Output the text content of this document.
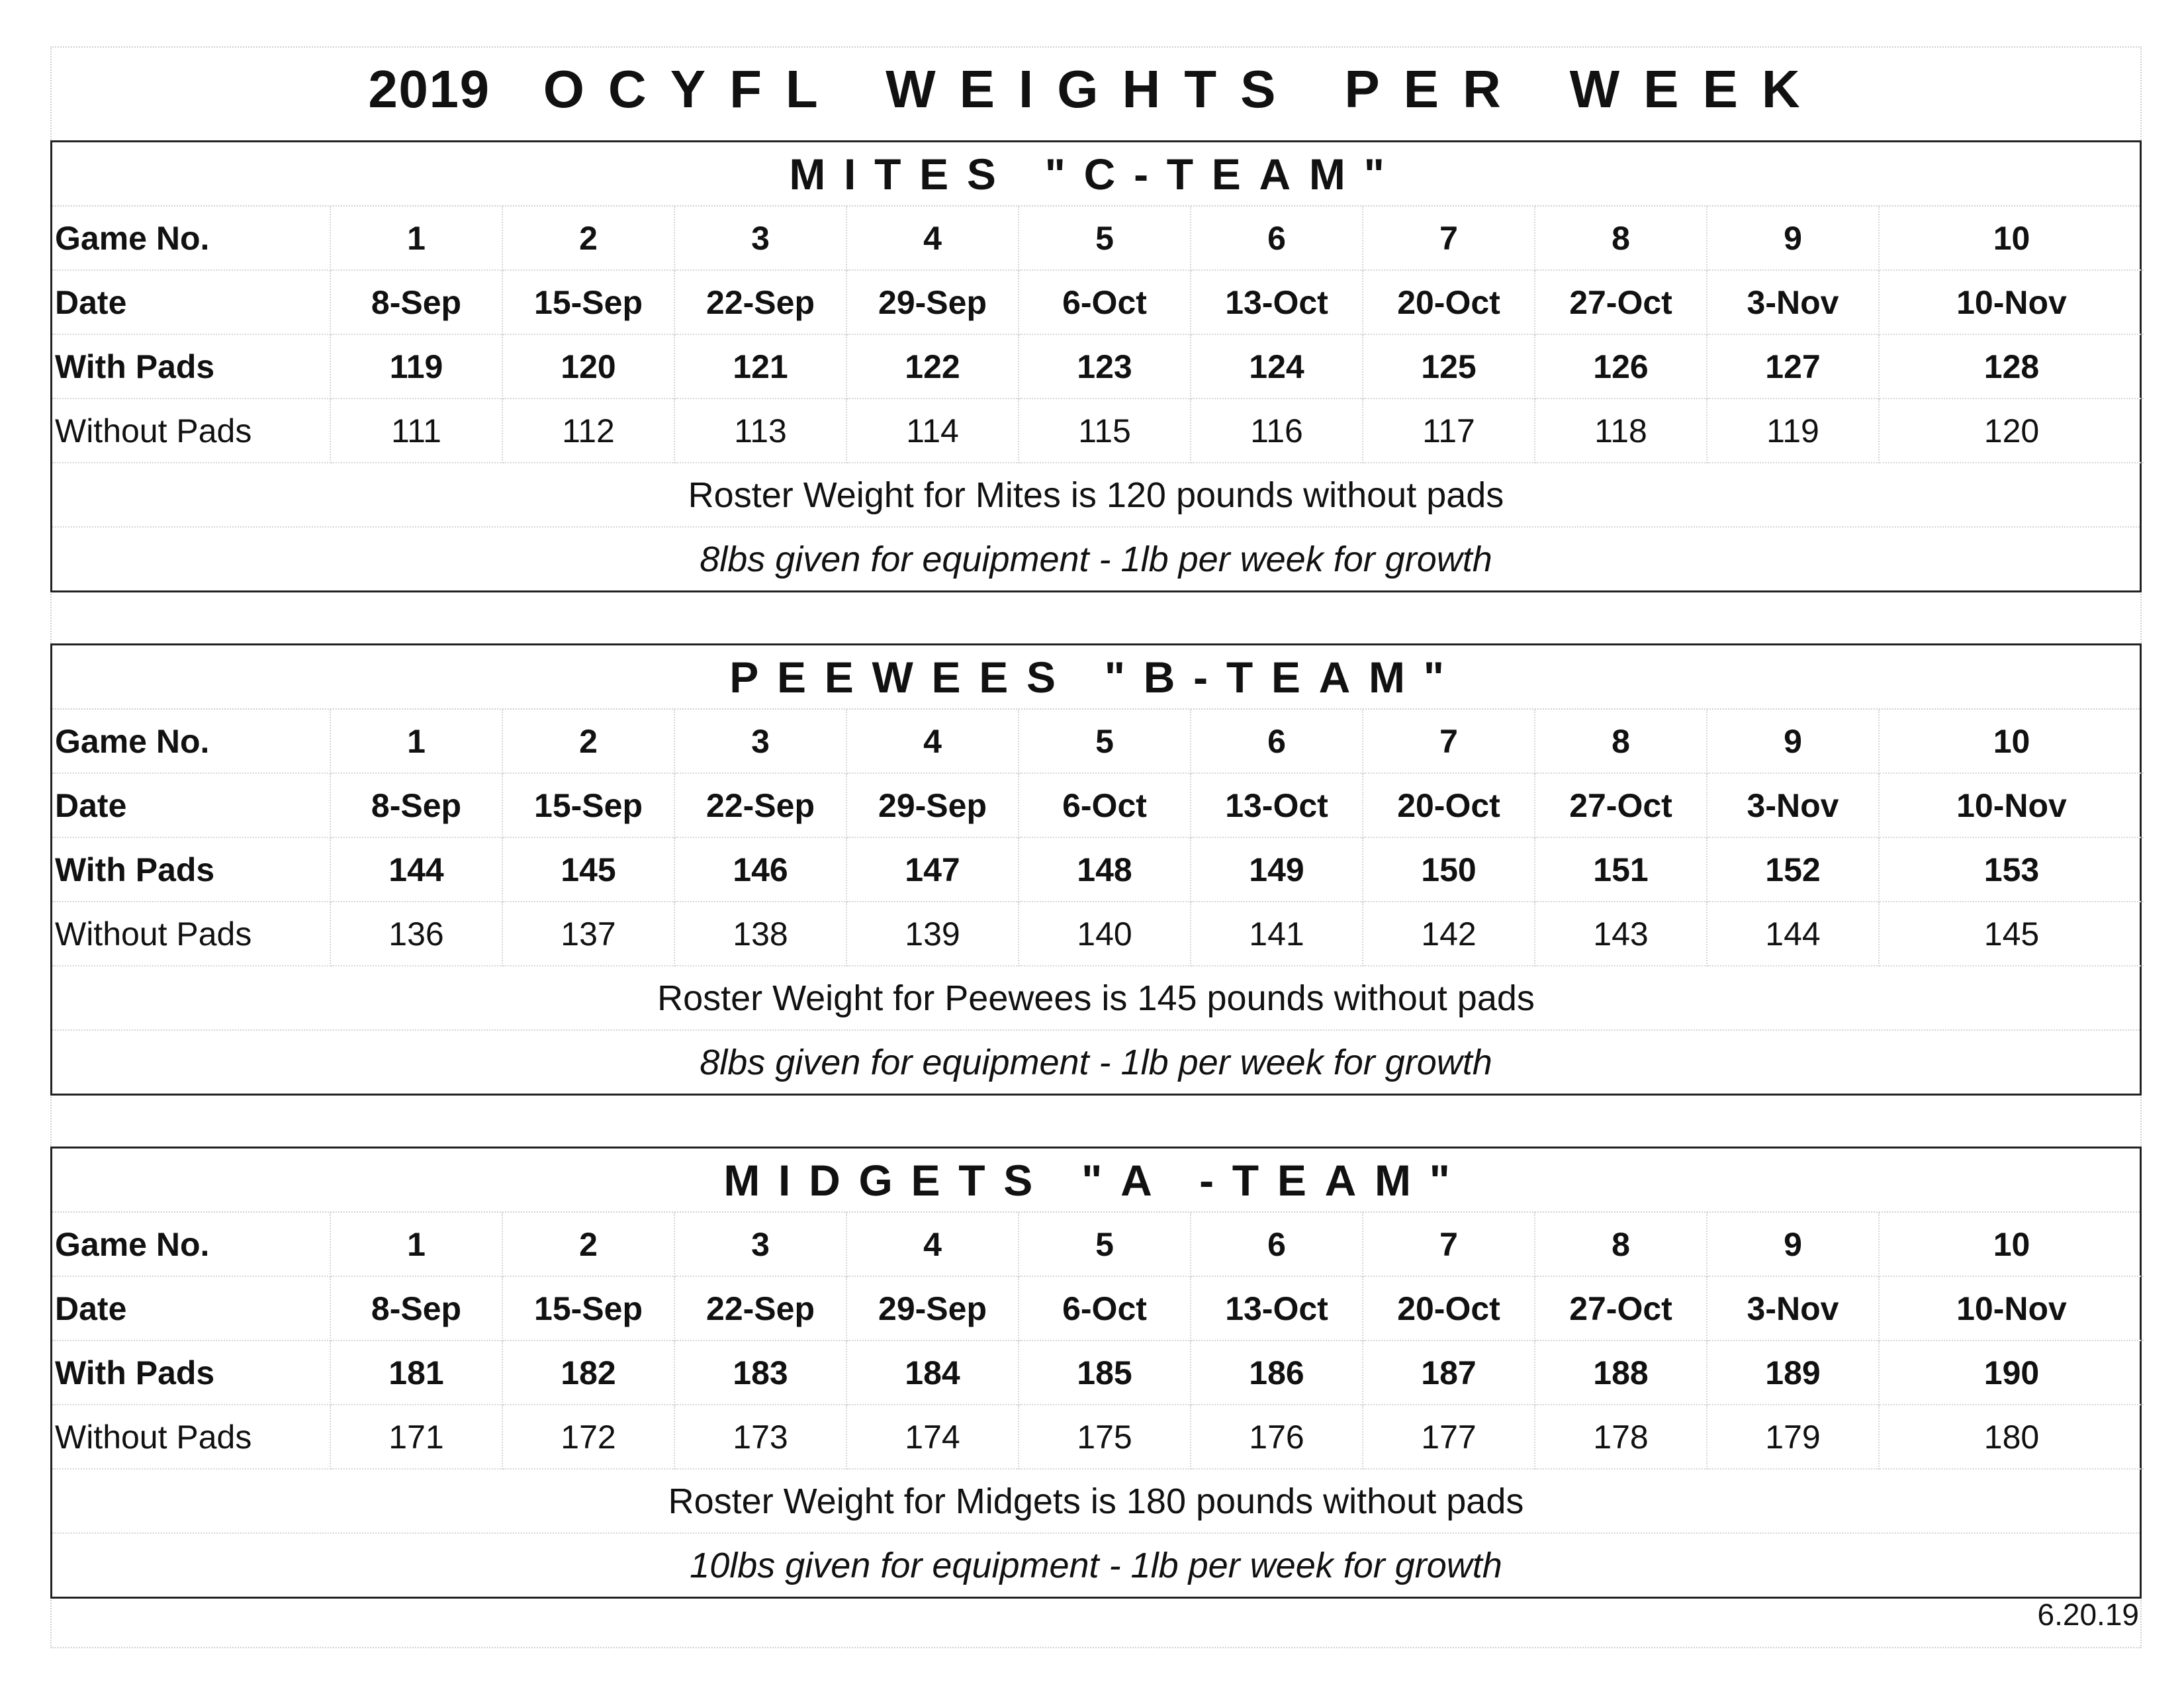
2019 OCYFL WEIGHTS PER WEEK
MITES "C-TEAM"
Game No.	1	2	3	4	5	6	7	8	9	10
Date	8-Sep	15-Sep	22-Sep	29-Sep	6-Oct	13-Oct	20-Oct	27-Oct	3-Nov	10-Nov
With Pads	119	120	121	122	123	124	125	126	127	128
Without Pads	111	112	113	114	115	116	117	118	119	120
Roster Weight for Mites is 120 pounds without pads
8lbs given for equipment - 1lb per week for growth
PEEWEES "B-TEAM"
Game No.	1	2	3	4	5	6	7	8	9	10
Date	8-Sep	15-Sep	22-Sep	29-Sep	6-Oct	13-Oct	20-Oct	27-Oct	3-Nov	10-Nov
With Pads	144	145	146	147	148	149	150	151	152	153
Without Pads	136	137	138	139	140	141	142	143	144	145
Roster Weight for Peewees is 145 pounds without pads
8lbs given for equipment - 1lb per week for growth
MIDGETS "A -TEAM"
Game No.	1	2	3	4	5	6	7	8	9	10
Date	8-Sep	15-Sep	22-Sep	29-Sep	6-Oct	13-Oct	20-Oct	27-Oct	3-Nov	10-Nov
With Pads	181	182	183	184	185	186	187	188	189	190
Without Pads	171	172	173	174	175	176	177	178	179	180
Roster Weight for Midgets is 180 pounds without pads
10lbs given for equipment - 1lb per week for growth
6.20.19
